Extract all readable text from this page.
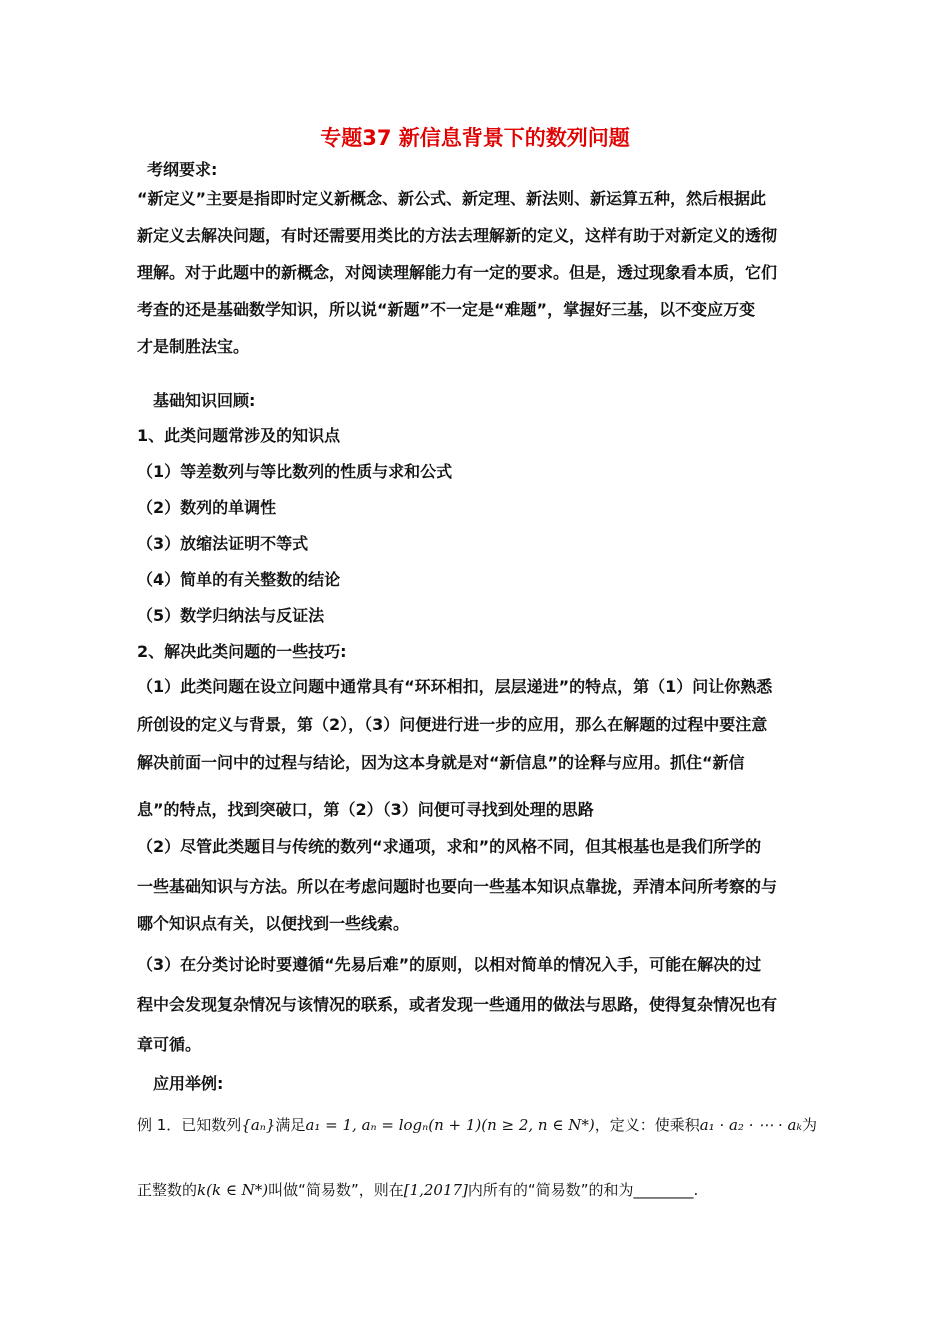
专题37 新信息背景下的数列问题
考纲要求:
“新定义”主要是指即时定义新概念、新公式、新定理、新法则、新运算五种，然后根据此
新定义去解决问题，有时还需要用类比的方法去理解新的定义，这样有助于对新定义的透彻
理解。对于此题中的新概念，对阅读理解能力有一定的要求。但是，透过现象看本质，它们
考查的还是基础数学知识，所以说“新题”不一定是“难题”，掌握好三基，以不变应万变
才是制胜法宝。
基础知识回顾:
1、此类问题常涉及的知识点
（1）等差数列与等比数列的性质与求和公式
（2）数列的单调性
（3）放缩法证明不等式
（4）简单的有关整数的结论
（5）数学归纳法与反证法
2、解决此类问题的一些技巧:
（1）此类问题在设立问题中通常具有“环环相扣，层层递进”的特点，第（1）问让你熟悉
所创设的定义与背景，第（2），（3）问便进行进一步的应用，那么在解题的过程中要注意
解决前面一问中的过程与结论，因为这本身就是对“新信息”的诠释与应用。抓住“新信
息”的特点，找到突破口，第（2）（3）问便可寻找到处理的思路
（2）尽管此类题目与传统的数列“求通项，求和”的风格不同，但其根基也是我们所学的
一些基础知识与方法。所以在考虑问题时也要向一些基本知识点靠拢，弄清本问所考察的与
哪个知识点有关，以便找到一些线索。
（3）在分类讨论时要遵循“先易后难”的原则，以相对简单的情况入手，可能在解决的过
程中会发现复杂情况与该情况的联系，或者发现一些通用的做法与思路，使得复杂情况也有
章可循。
应用举例:
例 1．已知数列{aₙ}满足a₁ = 1, aₙ = logₙ(n + 1)(n ≥ 2, n ∈ N*)，定义：使乘积a₁ · a₂ · ⋯ · aₖ为
正整数的k(k ∈ N*)叫做“简易数”，则在[1,2017]内所有的“简易数”的和为________.
